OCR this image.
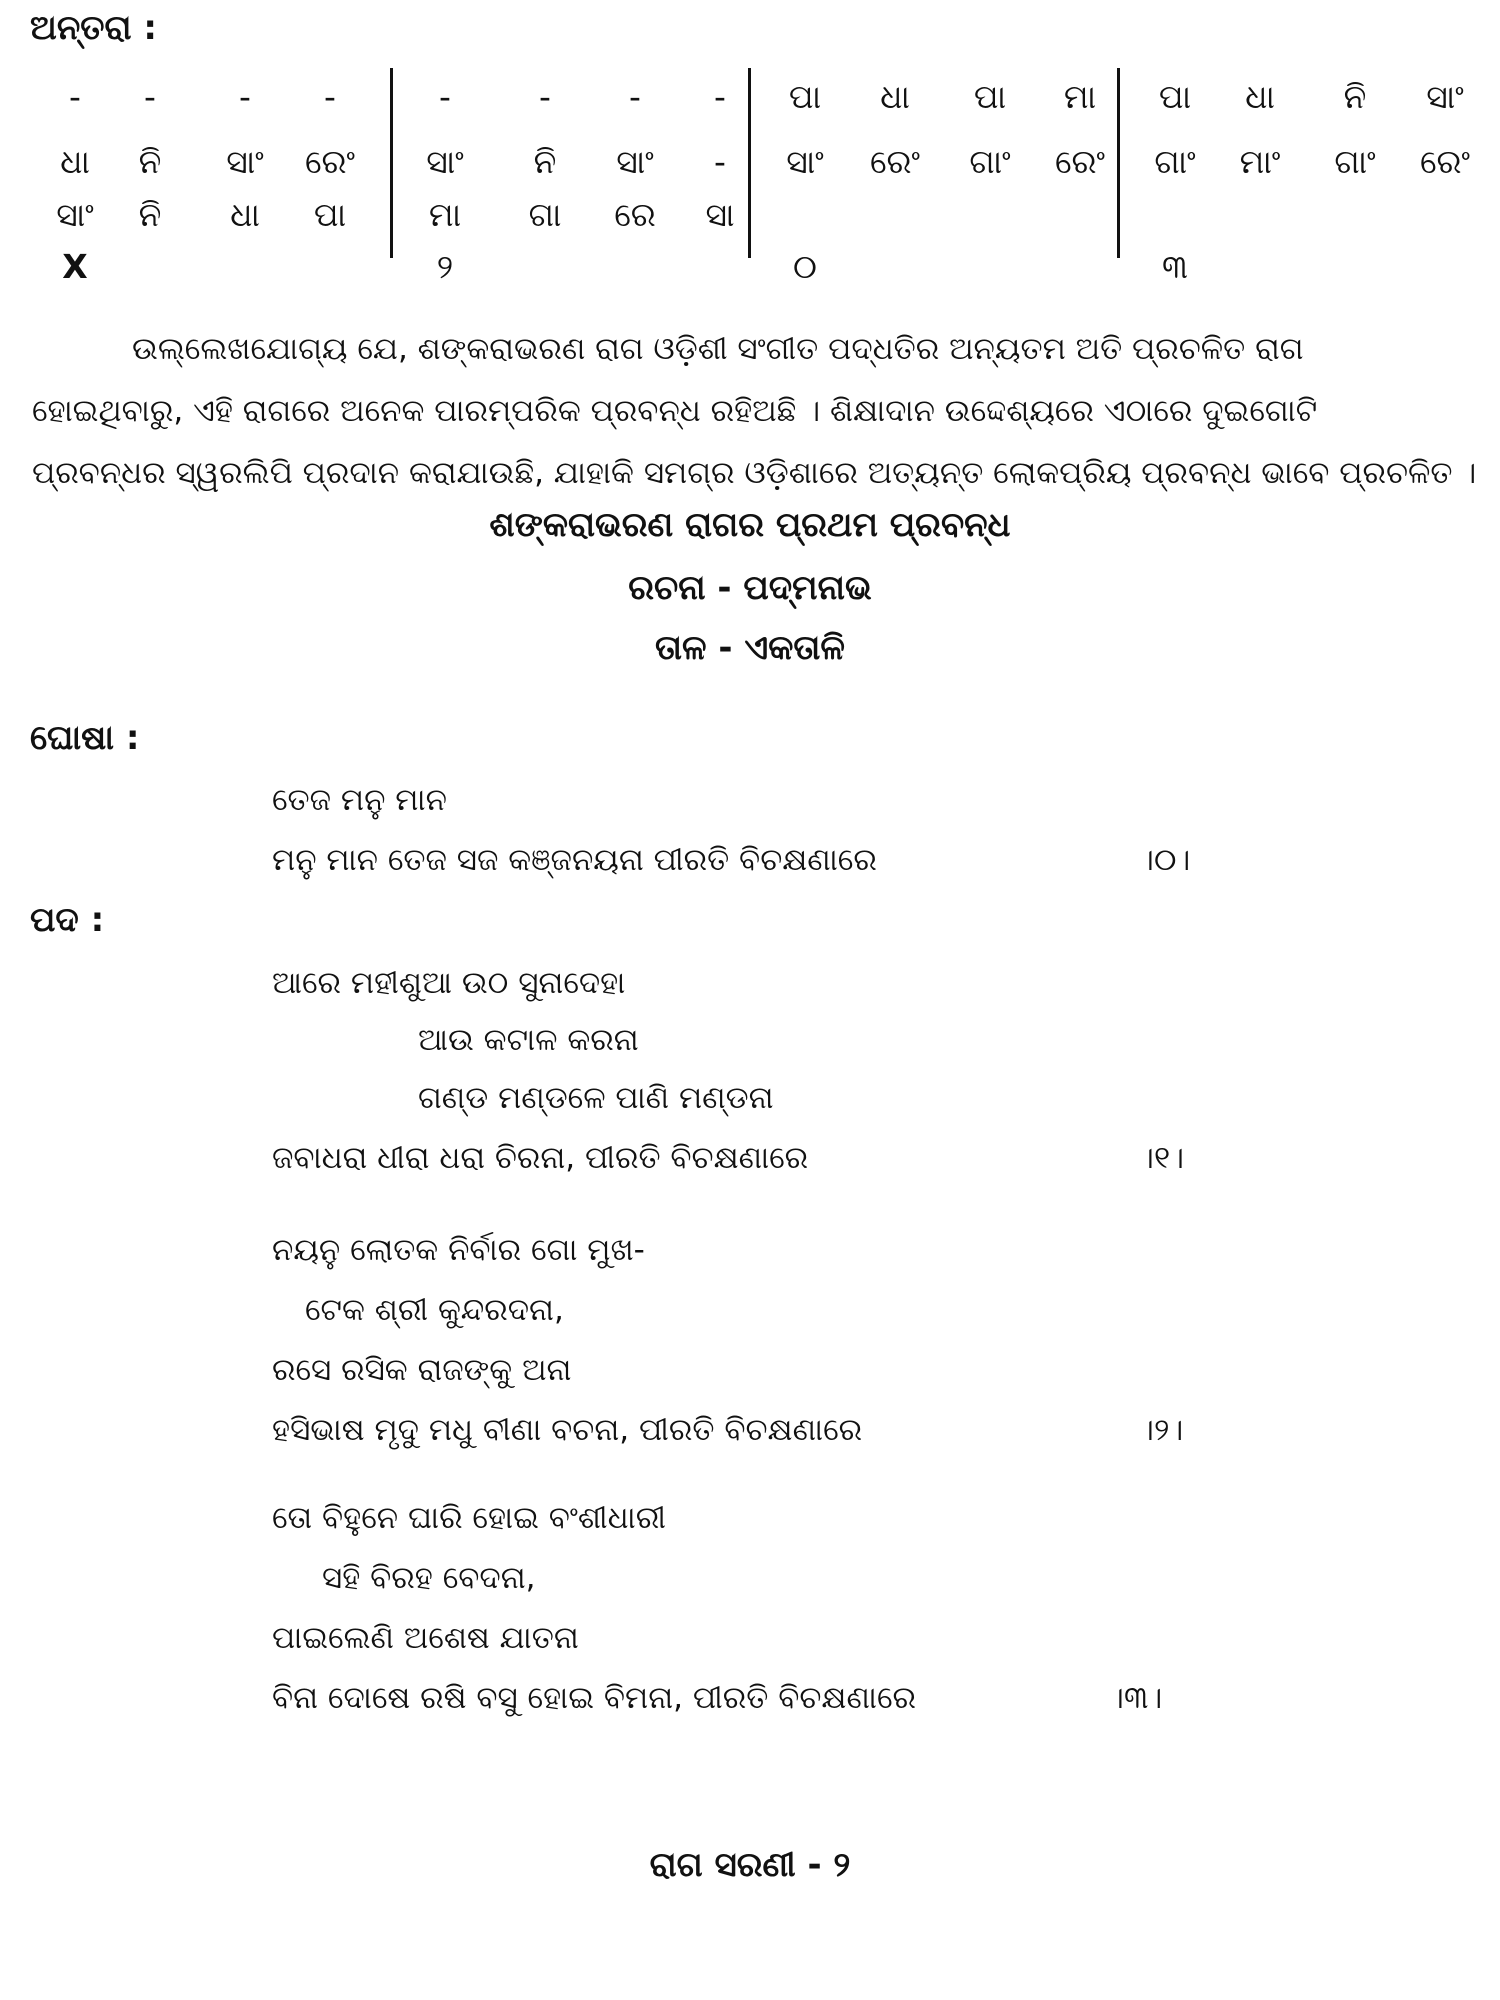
ଅନ୍ତରା :
-	-	-	-	-	-	-	-	ପା	ଧା	ପା	ମା	ପା	ଧା	ନି	ସାଂ
ଧା	ନି	ସାଂ	ରେଂ	ସାଂ	ନି	ସାଂ	-	ସାଂ	ରେଂ	ଗାଂ	ରେଂ	ଗାଂ	ମାଂ	ଗାଂ	ରେଂ
ସାଂ	ନି	ଧା	ପା	ମା	ଗା	ରେ	ସା
X	୨	୦	୩
ଉଲ୍ଲେଖଯୋଗ୍ୟ ଯେ, ଶଙ୍କରାଭରଣ ରାଗ ଓଡ଼ିଶୀ ସଂଗୀତ ପଦ୍ଧତିର ଅନ୍ୟତମ ଅତି ପ୍ରଚଳିତ ରାଗ
ହୋଇଥିବାରୁ, ଏହି ରାଗରେ ଅନେକ ପାରମ୍ପରିକ ପ୍ରବନ୍ଧ ରହିଅଛି । ଶିକ୍ଷାଦାନ ଉଦ୍ଦେଶ୍ୟରେ ଏଠାରେ ଦୁଇଗୋଟି
ପ୍ରବନ୍ଧର ସ୍ୱରଲିପି ପ୍ରଦାନ କରାଯାଉଛି, ଯାହାକି ସମଗ୍ର ଓଡ଼ିଶାରେ ଅତ୍ୟନ୍ତ ଲୋକପ୍ରିୟ ପ୍ରବନ୍ଧ ଭାବେ ପ୍ରଚଳିତ ।
ଶଙ୍କରାଭରଣ ରାଗର ପ୍ରଥମ ପ୍ରବନ୍ଧ
ରଚନା - ପଦ୍ମନାଭ
ତାଳ - ଏକତାଳି
ଘୋଷା :
ତେଜ ମନୁ ମାନ
ମନୁ ମାନ ତେଜ ସଜ କଞ୍ଜନୟନା ପୀରତି ବିଚକ୍ଷଣାରେ	।୦।
ପଦ :
ଆରେ ମହୀଶୁଆ ଉଠ ସୁନାଦେହା
ଆଉ କଟାଳ କରନା
ଗଣ୍ଡ ମଣ୍ଡଳେ ପାଣି ମଣ୍ଡନା
ଜବାଧରା ଧୀରା ଧରା ଚିରନା, ପୀରତି ବିଚକ୍ଷଣାରେ	।୧।
ନୟନୁ ଲୋତକ ନିର୍ବାର ଗୋ ମୁଖ-
ଟେକ ଶ୍ରୀ କୁନ୍ଦରଦନା,
ରସେ ରସିକ ରାଜଙ୍କୁ ଅନା
ହସିଭାଷ ମୃଦୁ ମଧୁ ବୀଣା ବଚନା, ପୀରତି ବିଚକ୍ଷଣାରେ	।୨।
ତୋ ବିହୁନେ ଘାରି ହୋଇ ବଂଶୀଧାରୀ
ସହି ବିରହ ବେଦନା,
ପାଇଲେଣି ଅଶେଷ ଯାତନା
ବିନା ଦୋଷେ ରଷି ବସୁ ହୋଇ ବିମନା, ପୀରତି ବିଚକ୍ଷଣାରେ	।୩।
ରାଗ ସରଣୀ - ୨
